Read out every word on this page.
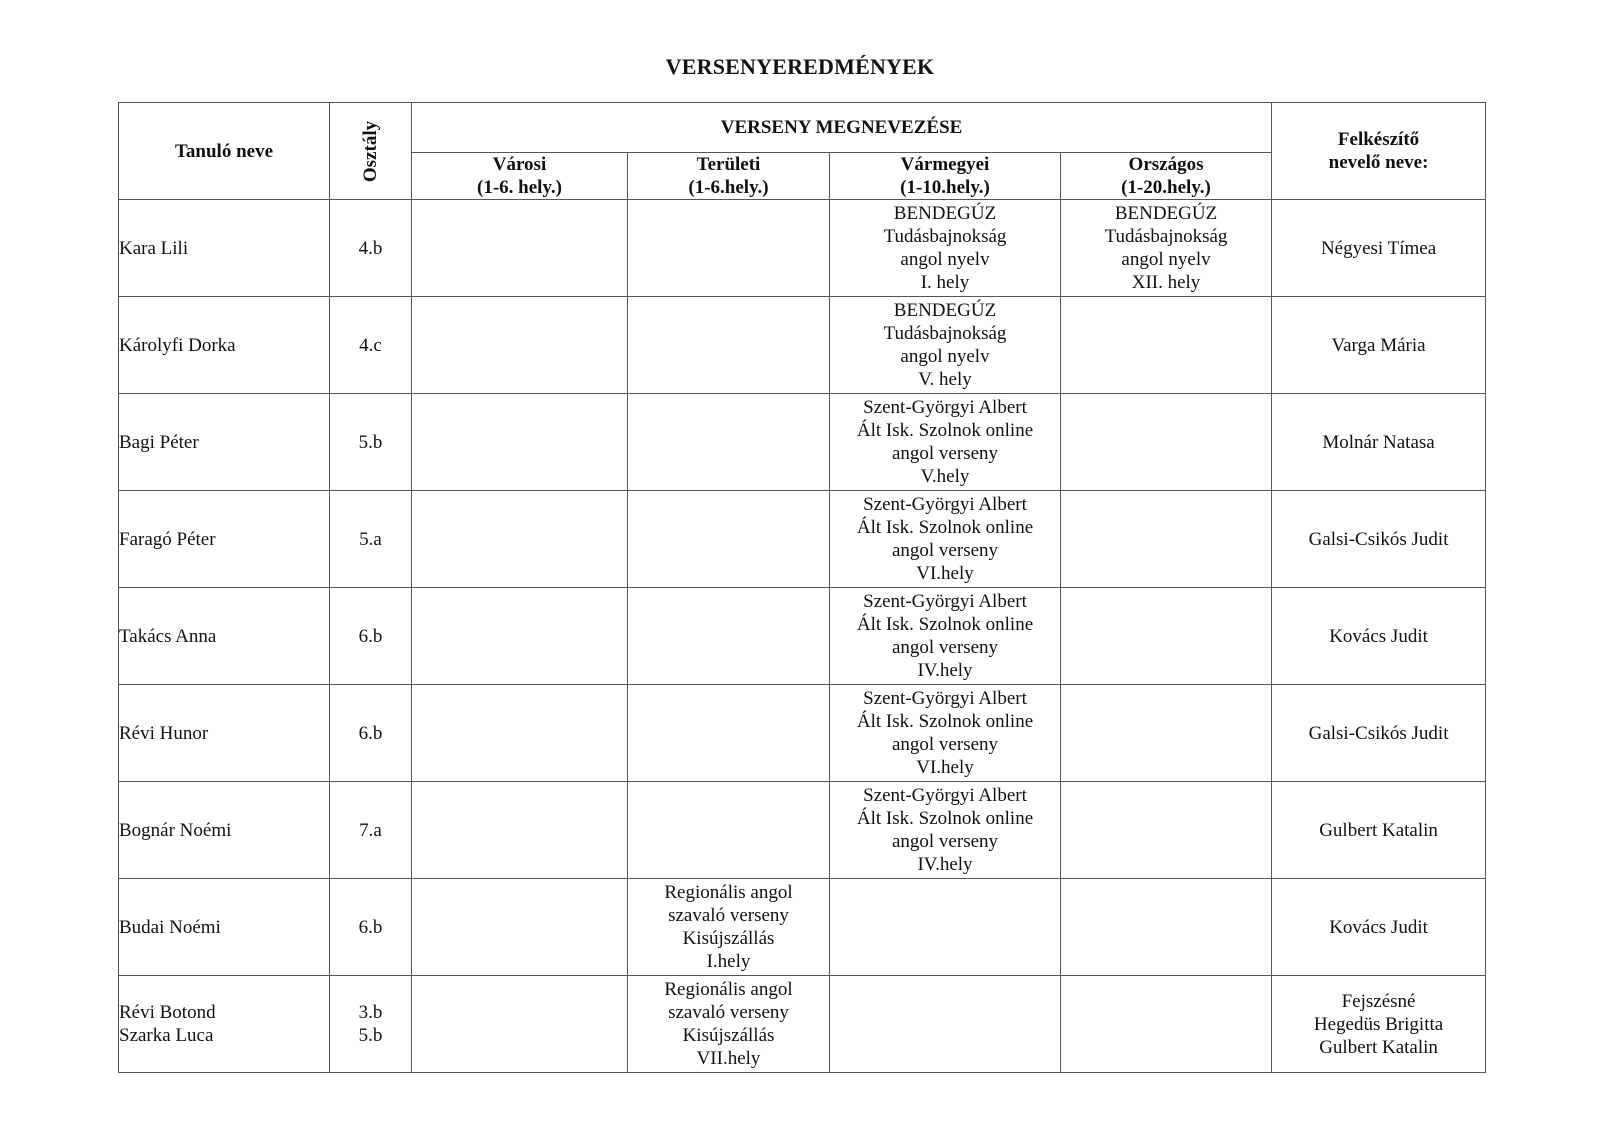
VERSENYEREDMÉNYEK
Tanuló neve	Osztály	VERSENY MEGNEVEZÉSE				Felkészítő
nevelő neve:

		Városi
(1-6. hely.)	Területi
(1-6.hely.)	Vármegyei
(1-10.hely.)	Országos
(1-20.hely.)	

Kara Lili	4.b			BENDEGÚZ
Tudásbajnokság
angol nyelv
I. hely	BENDEGÚZ
Tudásbajnokság
angol nyelv
XII. hely	Négyesi Tímea

Károlyfi Dorka	4.c			BENDEGÚZ
Tudásbajnokság
angol nyelv
V. hely		Varga Mária

Bagi Péter	5.b			Szent-Györgyi Albert
Ált Isk. Szolnok online
angol verseny
V.hely		Molnár Natasa

Faragó Péter	5.a			Szent-Györgyi Albert
Ált Isk. Szolnok online
angol verseny
VI.hely		Galsi-Csikós Judit

Takács Anna	6.b			Szent-Györgyi Albert
Ált Isk. Szolnok online
angol verseny
IV.hely		Kovács Judit

Révi Hunor	6.b			Szent-Györgyi Albert
Ált Isk. Szolnok online
angol verseny
VI.hely		Galsi-Csikós Judit

Bognár Noémi	7.a			Szent-Györgyi Albert
Ált Isk. Szolnok online
angol verseny
IV.hely		Gulbert Katalin

Budai Noémi	6.b		Regionális angol
szavaló verseny
Kisújszállás
I.hely			Kovács Judit

Révi Botond
Szarka Luca	3.b
5.b		Regionális angol
szavaló verseny
Kisújszállás
VII.hely			Fejszésné
Hegedüs Brigitta
Gulbert Katalin
